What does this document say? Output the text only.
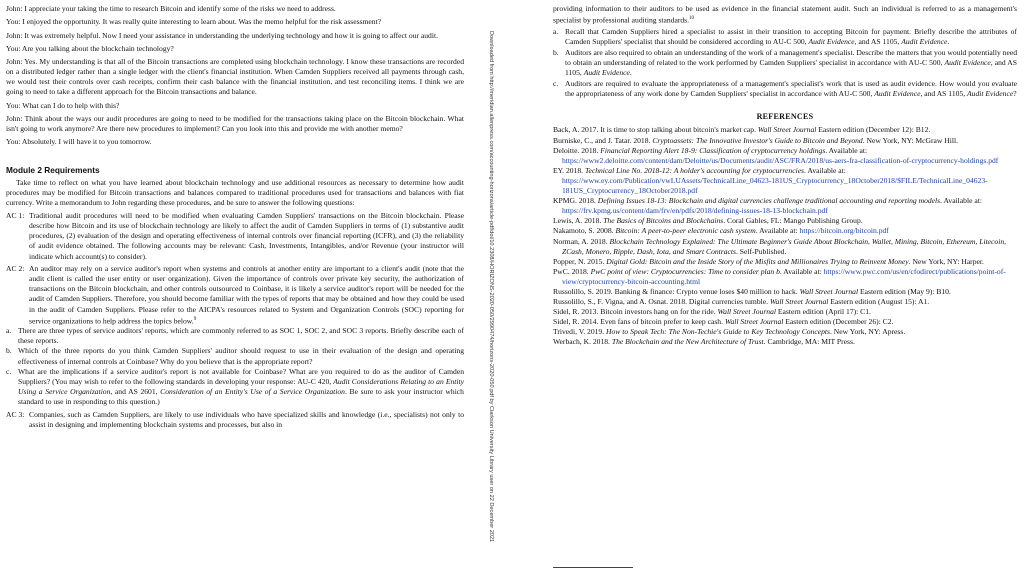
John: I appreciate your taking the time to research Bitcoin and identify some of the risks we need to address.

You: I enjoyed the opportunity. It was really quite interesting to learn about. Was the memo helpful for the risk assessment?

John: It was extremely helpful. Now I need your assistance in understanding the underlying technology and how it is going to affect our audit.

You: Are you talking about the blockchain technology?

John: Yes. My understanding is that all of the Bitcoin transactions are completed using blockchain technology. I know these transactions are recorded on a distributed ledger rather than a single ledger with the client's financial institution. When Camden Suppliers received all payments through cash, we would test their controls over cash receipts, confirm their cash balance with the financial institution, and test reconciling items. I think we are going to need to take a different approach for the Bitcoin transactions and balance.

You: What can I do to help with this?

John: Think about the ways our audit procedures are going to need to be modified for the transactions taking place on the Bitcoin blockchain. What isn't going to work anymore? Are there new procedures to implement? Can you look into this and provide me with another memo?

You: Absolutely. I will have it to you tomorrow.

Module 2 Requirements

Take time to reflect on what you have learned about blockchain technology and use additional resources as necessary to determine how audit procedures may be modified for Bitcoin transactions and balances compared to traditional procedures used for transactions and balances with fiat currency. Write a memorandum to John regarding these procedures, and be sure to answer the following questions:

AC 1: Traditional audit procedures will need to be modified when evaluating Camden Suppliers' transactions on the Bitcoin blockchain. Please describe how Bitcoin and its use of blockchain technology are likely to affect the audit of Camden Suppliers in terms of (1) substantive audit procedures, (2) evaluation of the design and operating effectiveness of internal controls over financial reporting (ICFR), and (3) the reliability of audit evidence obtained. The following accounts may be relevant: Cash, Investments, Intangibles, and/or Revenue (your instructor will indicate which account(s) to consider).

AC 2: An auditor may rely on a service auditor's report when systems and controls at another entity are important to a client's audit (note that the audit client is called the user entity or user organization). Given the importance of controls over private key security, the authorization of transactions on the Bitcoin blockchain, and other controls outsourced to Coinbase, it is likely a service auditor's report will be needed for the audit of Camden Suppliers. Therefore, you should become familiar with the types of reports that may be obtained and how they could be used in the audit of Camden Suppliers. Please refer to the AICPA's resources related to System and Organization Controls (SOC) reporting for service organizations to help address the topics below.$^9$

a. There are three types of service auditors' reports, which are commonly referred to as SOC 1, SOC 2, and SOC 3 reports. Briefly describe each of these reports.

b. Which of the three reports do you think Camden Suppliers' auditor should request to use in their evaluation of the design and operating effectiveness of internal controls at Coinbase? Why do you believe that is the appropriate report?

c. What are the implications if a service auditor's report is not available for Coinbase? What are you required to do as the auditor of Camden Suppliers? (You may wish to refer to the following standards in developing your response: AU-C 420, Audit Considerations Relating to an Entity Using a Service Organization, and AS 2601, Consideration of an Entity's Use of a Service Organization. Be sure to ask your instructor which standard to use in responding to this question.)

AC 3: Companies, such as Camden Suppliers, are likely to use individuals who have specialized skills and knowledge (i.e., specialists) not only to assist in designing and implementing blockchain systems and processes, but also in	Downloaded from http://meridian.allenpress.com/accounting-horizons/article-pdf/doi/10.2308/HORIZONS-2020-050/2990474/horizons-2020-050.pdf by Clarkson University Library user on 22 December 2021

providing information to their auditors to be used as evidence in the financial statement audit. Such an individual is referred to as a management's specialist by professional auditing standards.$^{10}$

a. Recall that Camden Suppliers hired a specialist to assist in their transition to accepting Bitcoin for payment. Briefly describe the attributes of Camden Suppliers' specialist that should be considered according to AU-C 500, Audit Evidence, and AS 1105, Audit Evidence.

b. Auditors are also required to obtain an understanding of the work of a management's specialist. Describe the matters that you would potentially need to obtain an understanding of related to the work performed by Camden Suppliers' specialist in accordance with AU-C 500, Audit Evidence, and AS 1105, Audit Evidence.

c. Auditors are required to evaluate the appropriateness of a management's specialist's work that is used as audit evidence. How would you evaluate the appropriateness of any work done by Camden Suppliers' specialist in accordance with AU-C 500, Audit Evidence, and AS 1105, Audit Evidence?

REFERENCES

Back, A. 2017. It is time to stop talking about bitcoin's market cap. Wall Street Journal Eastern edition (December 12): B12.

Burniske, C., and J. Tatar. 2018. Cryptoassets: The Innovative Investor's Guide to Bitcoin and Beyond. New York, NY: McGraw Hill.

Deloitte. 2018. Financial Reporting Alert 18-9: Classification of cryptocurrency holdings. Available at: https://www2.deloitte.com/content/dam/Deloitte/us/Documents/audit/ASC/FRA/2018/us-aers-fra-classification-of-cryptocurrency-holdings.pdf

EY. 2018. Technical Line No. 2018-12: A holder's accounting for cryptocurrencies. Available at: https://www.ey.com/Publication/vwLUAssets/TechnicalLine_04623-181US_Cryptocurrency_18October2018/$FILE/TechnicalLine_04623-181US_Cryptocurrency_18October2018.pdf

KPMG. 2018. Defining Issues 18-13: Blockchain and digital currencies challenge traditional accounting and reporting models. Available at: https://frv.kpmg.us/content/dam/frv/en/pdfs/2018/defining-issues-18-13-blockchain.pdf

Lewis, A. 2018. The Basics of Bitcoins and Blockchains. Coral Gables, FL: Mango Publishing Group.

Nakamoto, S. 2008. Bitcoin: A peer-to-peer electronic cash system. Available at: https://bitcoin.org/bitcoin.pdf

Norman, A. 2018. Blockchain Technology Explained: The Ultimate Beginner's Guide About Blockchain, Wallet, Mining, Bitcoin, Ethereum, Litecoin, ZCash, Monero, Ripple, Dash, Iota, and Smart Contracts. Self-Published.

Popper, N. 2015. Digital Gold: Bitcoin and the Inside Story of the Misfits and Millionaires Trying to Reinvent Money. New York, NY: Harper.

PwC. 2018. PwC point of view: Cryptocurrencies: Time to consider plan b. Available at: https://www.pwc.com/us/en/cfodirect/publications/point-of-view/cryptocurrency-bitcoin-accounting.html

Russolillo, S. 2019. Banking & finance: Crypto venue loses $40 million to hack. Wall Street Journal Eastern edition (May 9): B10.

Russolillo, S., F. Vigna, and A. Osnat. 2018. Digital currencies tumble. Wall Street Journal Eastern edition (August 15): A1.

Sidel, R. 2013. Bitcoin investors hang on for the ride. Wall Street Journal Eastern edition (April 17): C1.

Sidel, R. 2014. Even fans of bitcoin prefer to keep cash. Wall Street Journal Eastern edition (December 26): C2.

Trivedi, V. 2019. How to Speak Tech: The Non-Techie's Guide to Key Technology Concepts. New York, NY: Apress.

Werbach, K. 2018. The Blockchain and the New Architecture of Trust. Cambridge, MA: MIT Press.
